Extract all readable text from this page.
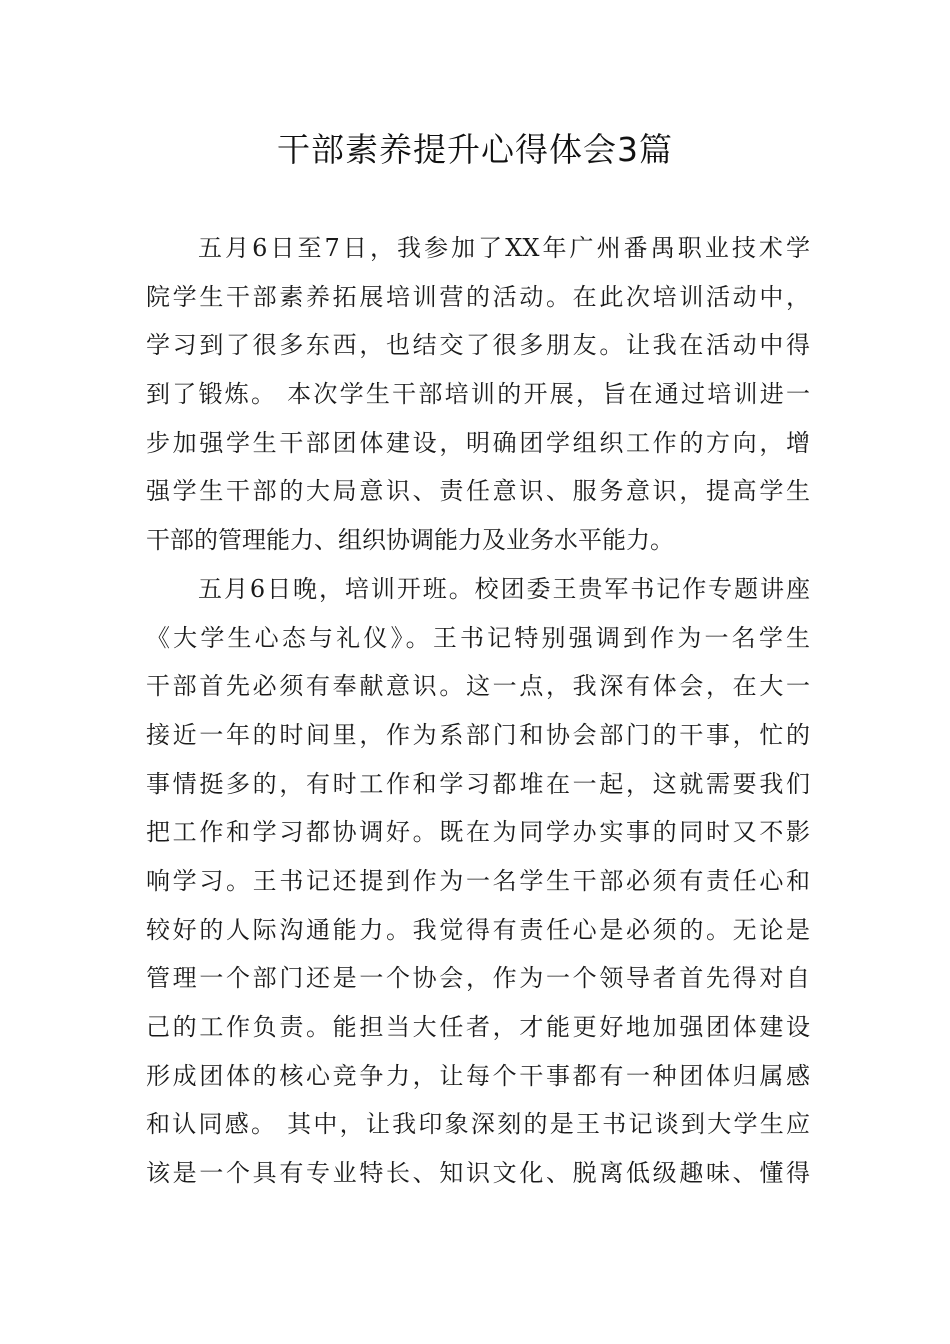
干部素养提升心得体会3篇
五月6日至7日，我参加了XX年广州番禺职业技术学
院学生干部素养拓展培训营的活动。在此次培训活动中，
学习到了很多东西，也结交了很多朋友。让我在活动中得
到了锻炼。 本次学生干部培训的开展，旨在通过培训进一
步加强学生干部团体建设，明确团学组织工作的方向，增
强学生干部的大局意识、责任意识、服务意识，提高学生
干部的管理能力、组织协调能力及业务水平能力。
五月6日晚，培训开班。校团委王贵军书记作专题讲座
《大学生心态与礼仪》。王书记特别强调到作为一名学生
干部首先必须有奉献意识。这一点，我深有体会，在大一
接近一年的时间里，作为系部门和协会部门的干事，忙的
事情挺多的，有时工作和学习都堆在一起，这就需要我们
把工作和学习都协调好。既在为同学办实事的同时又不影
响学习。王书记还提到作为一名学生干部必须有责任心和
较好的人际沟通能力。我觉得有责任心是必须的。无论是
管理一个部门还是一个协会，作为一个领导者首先得对自
己的工作负责。能担当大任者，才能更好地加强团体建设
形成团体的核心竞争力，让每个干事都有一种团体归属感
和认同感。 其中，让我印象深刻的是王书记谈到大学生应
该是一个具有专业特长、知识文化、脱离低级趣味、懂得
